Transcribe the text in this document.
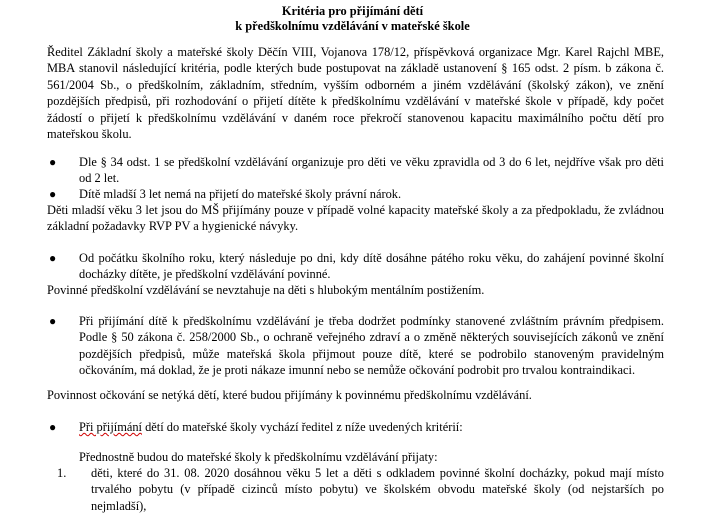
Kritéria pro přijímání dětí
k předškolnímu vzdělávání v mateřské škole
Ředitel Základní školy a mateřské školy Děčín VIII, Vojanova 178/12, příspěvková organizace Mgr. Karel Rajchl MBE, MBA stanovil následující kritéria, podle kterých bude postupovat na základě ustanovení § 165 odst. 2 písm. b zákona č. 561/2004 Sb., o předškolním, základním, středním, vyšším odborném a jiném vzdělávání (školský zákon), ve znění pozdějších předpisů, při rozhodování o přijetí dítěte k předškolnímu vzdělávání v mateřské škole v případě, kdy počet žádostí o přijetí k předškolnímu vzdělávání v daném roce překročí stanovenou kapacitu maximálního počtu dětí pro mateřskou školu.
● Dle § 34 odst. 1 se předškolní vzdělávání organizuje pro děti ve věku zpravidla od 3 do 6 let, nejdříve však pro děti od 2 let.
● Dítě mladší 3 let nemá na přijetí do mateřské školy právní nárok.
Děti mladší věku 3 let jsou do MŠ přijímány pouze v případě volné kapacity mateřské školy a za předpokladu, že zvládnou základní požadavky RVP PV a hygienické návyky.
● Od počátku školního roku, který následuje po dni, kdy dítě dosáhne pátého roku věku, do zahájení povinné školní docházky dítěte, je předškolní vzdělávání povinné.
Povinné předškolní vzdělávání se nevztahuje na děti s hlubokým mentálním postižením.
● Při přijímání dítě k předškolnímu vzdělávání je třeba dodržet podmínky stanovené zvláštním právním předpisem. Podle § 50 zákona č. 258/2000 Sb., o ochraně veřejného zdraví a o změně některých souvisejících zákonů ve znění pozdějších předpisů, může mateřská škola přijmout pouze dítě, které se podrobilo stanoveným pravidelným očkováním, má doklad, že je proti nákaze imunní nebo se nemůže očkování podrobit pro trvalou kontraindikaci.
Povinnost očkování se netýká dětí, které budou přijímány k povinnému předškolnímu vzdělávání.
● Při přijímání dětí do mateřské školy vychází ředitel z níže uvedených kritérií:
Přednostně budou do mateřské školy k předškolnímu vzdělávání přijaty:
1. děti, které do 31. 08. 2020 dosáhnou věku 5 let a děti s odkladem povinné školní docházky, pokud mají místo trvalého pobytu (v případě cizinců místo pobytu) ve školském obvodu mateřské školy (od nejstarších po nejmladší),
